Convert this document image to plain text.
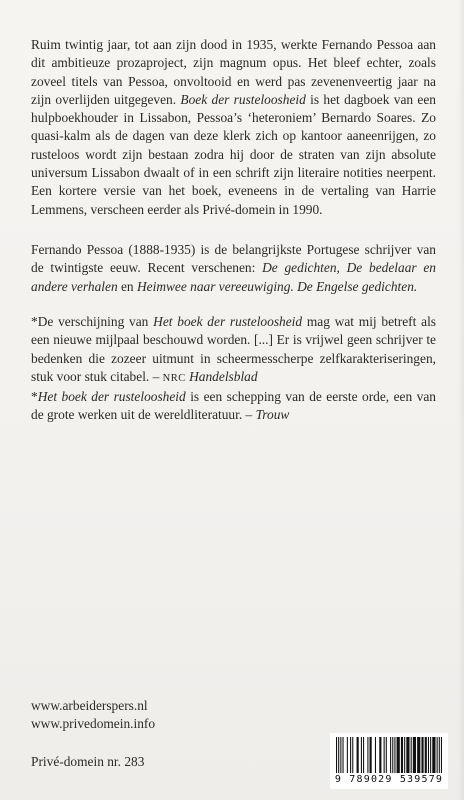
Ruim twintig jaar, tot aan zijn dood in 1935, werkte Fernando Pessoa aan dit ambitieuze prozaproject, zijn magnum opus. Het bleef echter, zoals zoveel titels van Pessoa, onvoltooid en werd pas zevenenveertig jaar na zijn overlijden uitgegeven. Boek der rusteloosheid is het dagboek van een hulpboekhouder in Lissabon, Pessoa’s ‘heteroniem’ Bernardo Soares. Zo quasi-kalm als de dagen van deze klerk zich op kantoor aaneenrijgen, zo rusteloos wordt zijn bestaan zodra hij door de straten van zijn absolute universum Lissabon dwaalt of in een schrift zijn literaire notities neerpent. Een kortere versie van het boek, eveneens in de vertaling van Harrie Lemmens, verscheen eerder als Privé-domein in 1990.

Fernando Pessoa (1888-1935) is de belangrijkste Portugese schrijver van de twintigste eeuw. Recent verschenen: De gedichten, De bedelaar en andere verhalen en Heimwee naar vereeuwiging. De Engelse gedichten.

*De verschijning van Het boek der rusteloosheid mag wat mij betreft als een nieuwe mijlpaal beschouwd worden. [...] Er is vrijwel geen schrijver te bedenken die zozeer uitmunt in scheermesscherpe zelfkarakteriseringen, stuk voor stuk citabel. – NRC Handelsblad
*Het boek der rusteloosheid is een schepping van de eerste orde, een van de grote werken uit de wereldliteratuur. – Trouw
www.arbeiderspers.nl
www.privedomein.info
Privé-domein nr. 283
9 789029 539579
